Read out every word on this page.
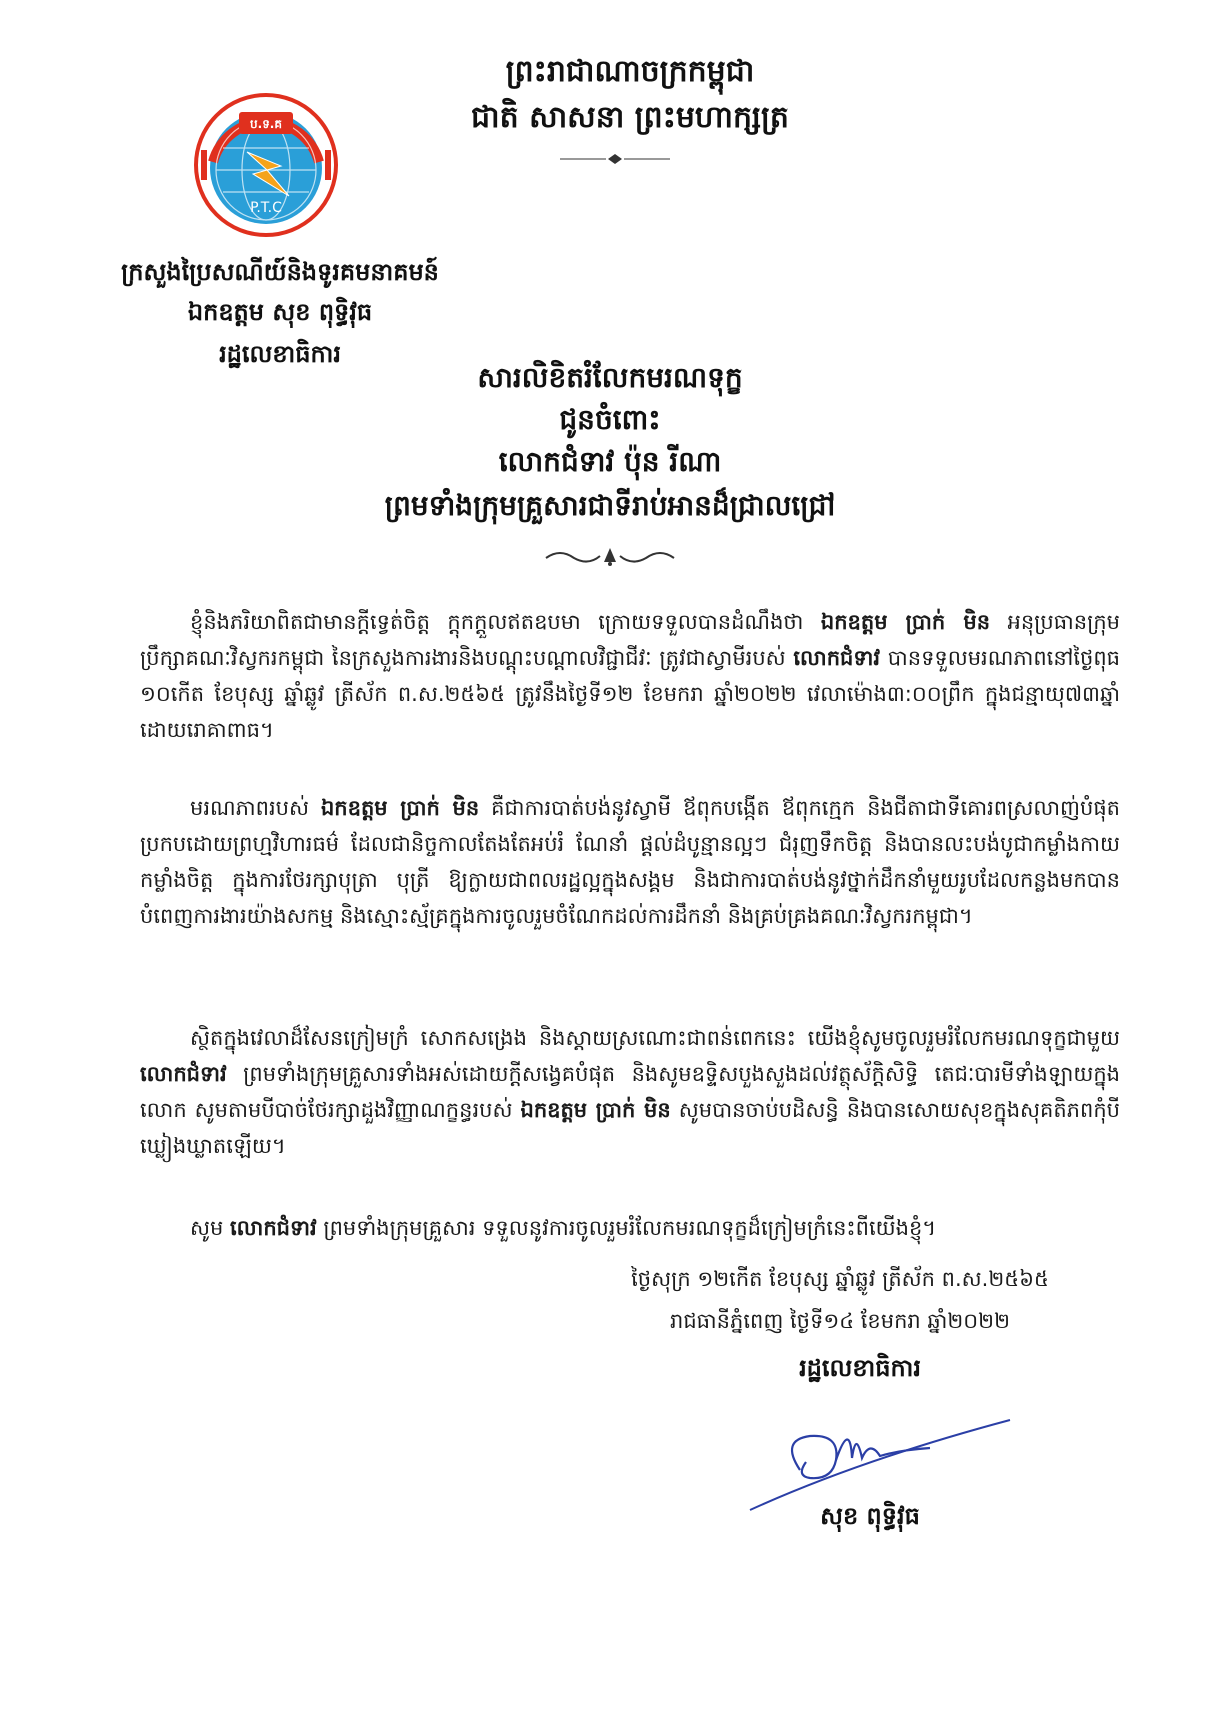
ព្រះរាជាណាចក្រកម្ពុជា
ជាតិ សាសនា ព្រះមហាក្សត្រ
ប.ទ.គ
P.T.C
ក្រសួងប្រៃសណីយ៍និងទូរគមនាគមន៍
ឯកឧត្តម សុខ ពុទ្ធិវុធ
រដ្ឋលេខាធិការ
សារលិខិតរំលែកមរណទុក្ខ
ជូនចំពោះ
លោកជំទាវ ប៉ុន រីណា
ព្រមទាំងក្រុមគ្រួសារជាទីរាប់អានដ៏ជ្រាលជ្រៅ

ខ្ញុំនិងភរិយាពិតជាមានក្តីទ្វេត់ចិត្ត ក្តុកក្តួលឥតឧបមា ក្រោយទទួលបានដំណឹងថា ឯកឧត្តម ប្រាក់ មិន អនុប្រធានក្រុមប្រឹក្សាគណៈវិស្វករកម្ពុជា នៃក្រសួងការងារនិងបណ្តុះបណ្តាលវិជ្ជាជីវៈ ត្រូវជាស្វាមីរបស់ លោកជំទាវ បានទទួលមរណភាពនៅថ្ងៃពុធ ១០កើត ខែបុស្ស ឆ្នាំឆ្លូវ ត្រីស័ក ព.ស.២៥៦៥ ត្រូវនឹងថ្ងៃទី១២ ខែមករា ឆ្នាំ២០២២ វេលាម៉ោង៣:០០ព្រឹក ក្នុងជន្មាយុ៧៣ឆ្នាំ ដោយរោគាពាធ។

មរណភាពរបស់ ឯកឧត្តម ប្រាក់ មិន គឺជាការបាត់បង់នូវស្វាមី ឪពុកបង្កើត ឪពុកក្មេក និងជីតាជាទីគោរពស្រលាញ់បំផុតប្រកបដោយព្រហ្មវិហារធម៌ ដែលជានិច្ចកាលតែងតែអប់រំ ណែនាំ ផ្តល់ដំបូន្មានល្អៗ ជំរុញទឹកចិត្ត និងបានលះបង់បូជាកម្លាំងកាយ កម្លាំងចិត្ត ក្នុងការថែរក្សាបុត្រា បុត្រី ឱ្យក្លាយជាពលរដ្ឋល្អក្នុងសង្គម និងជាការបាត់បង់នូវថ្នាក់ដឹកនាំមួយរូបដែលកន្លងមកបានបំពេញការងារយ៉ាងសកម្ម និងស្មោះស្ម័គ្រក្នុងការចូលរួមចំណែកដល់ការដឹកនាំ និងគ្រប់គ្រងគណៈវិស្វករកម្ពុជា។

ស្ថិតក្នុងវេលាដ៏សែនក្រៀមក្រំ សោកសង្រេង និងស្តាយស្រណោះជាពន់ពេកនេះ យើងខ្ញុំសូមចូលរួមរំលែកមរណទុក្ខជាមួយ លោកជំទាវ ព្រមទាំងក្រុមគ្រួសារទាំងអស់ដោយក្តីសង្វេគបំផុត និងសូមឧទ្ទិសបួងសួងដល់វត្ថុស័ក្តិសិទ្ធិ តេជៈបារមីទាំងឡាយក្នុងលោក សូមតាមបីបាច់ថែរក្សាដួងវិញ្ញាណក្ខន្ធរបស់ ឯកឧត្តម ប្រាក់ មិន សូមបានចាប់បដិសន្ធិ និងបានសោយសុខក្នុងសុគតិភពកុំបីឃ្លៀងឃ្លាតឡើយ។

សូម លោកជំទាវ ព្រមទាំងក្រុមគ្រួសារ ទទួលនូវការចូលរួមរំលែកមរណទុក្ខដ៏ក្រៀមក្រំនេះពីយើងខ្ញុំ។

ថ្ងៃសុក្រ ១២កើត ខែបុស្ស ឆ្នាំឆ្លូវ ត្រីស័ក ព.ស.២៥៦៥
រាជធានីភ្នំពេញ ថ្ងៃទី១៤ ខែមករា ឆ្នាំ២០២២
រដ្ឋលេខាធិការ
សុខ ពុទ្ធិវុធ
